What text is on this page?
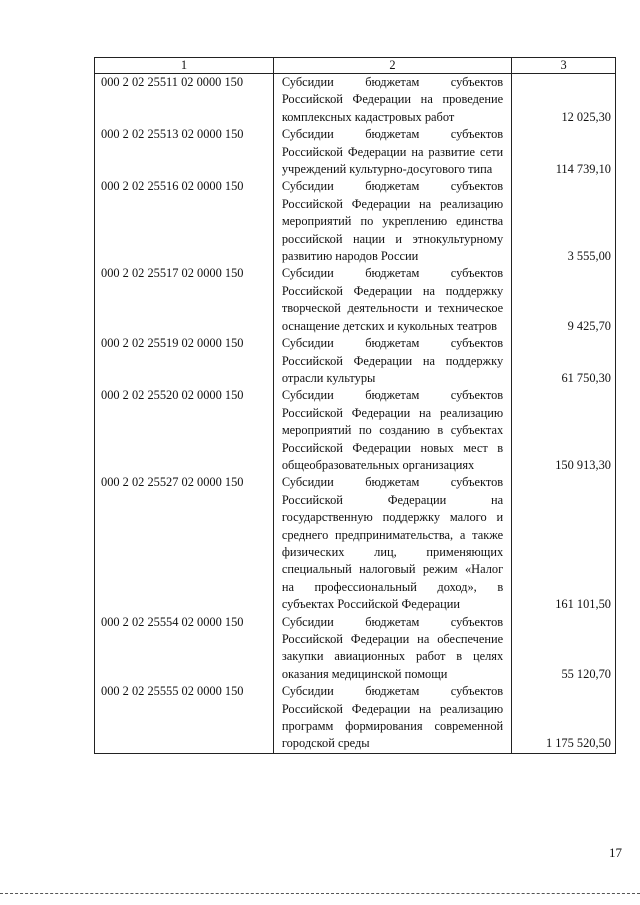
1	2	3
000 2 02 25511 02 0000 150	Субсидии бюджетам субъектов Российской Федерации на проведение комплексных кадастровых работ	12 025,30
000 2 02 25513 02 0000 150	Субсидии бюджетам субъектов Российской Федерации на развитие сети учреждений культурно-досугового типа	114 739,10
000 2 02 25516 02 0000 150	Субсидии бюджетам субъектов Российской Федерации на реализацию мероприятий по укреплению единства российской нации и этнокультурному развитию народов России	3 555,00
000 2 02 25517 02 0000 150	Субсидии бюджетам субъектов Российской Федерации на поддержку творческой деятельности и техническое оснащение детских и кукольных театров	9 425,70
000 2 02 25519 02 0000 150	Субсидии бюджетам субъектов Российской Федерации на поддержку отрасли культуры	61 750,30
000 2 02 25520 02 0000 150	Субсидии бюджетам субъектов Российской Федерации на реализацию мероприятий по созданию в субъектах Российской Федерации новых мест в общеобразовательных организациях	150 913,30
000 2 02 25527 02 0000 150	Субсидии бюджетам субъектов Российской Федерации на государственную поддержку малого и среднего предпринимательства, а также физических лиц, применяющих специальный налоговый режим «Налог на профессиональный доход», в субъектах Российской Федерации	161 101,50
000 2 02 25554 02 0000 150	Субсидии бюджетам субъектов Российской Федерации на обеспечение закупки авиационных работ в целях оказания медицинской помощи	55 120,70
000 2 02 25555 02 0000 150	Субсидии бюджетам субъектов Российской Федерации на реализацию программ формирования современной городской среды	1 175 520,50
17
